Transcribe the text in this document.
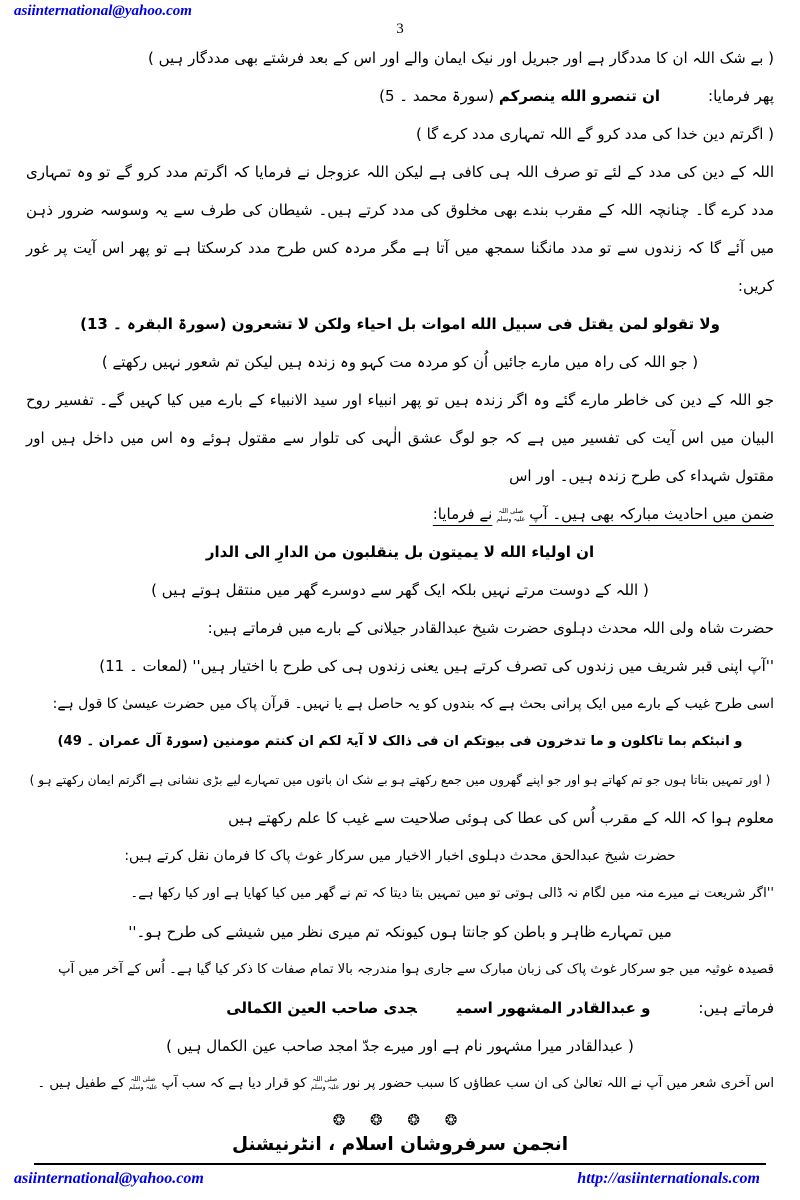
asiinternational@yahoo.com
3
( بے شک اللہ ان کا مددگار ہے اور جبریل اور نیک ایمان والے اور اس کے بعد فرشتے بھی مددگار ہیں )
پھر فرمایا:ان تنصرو الله ینصرکم (سورۃ محمد ۔ 5)
( اگرتم دین خدا کی مدد کرو گے اللہ تمہاری مدد کرے گا )
اللہ کے دین کی مدد کے لئے تو صرف اللہ ہی کافی ہے لیکن اللہ عزوجل نے فرمایا کہ اگرتم مدد کرو گے تو وہ تمہاری مدد کرے گا۔ چنانچہ اللہ کے مقرب بندے بھی مخلوق کی مدد کرتے ہیں۔ شیطان کی طرف سے یہ وسوسہ ضرور ذہن میں آئے گا کہ زندوں سے تو مدد مانگنا سمجھ میں آتا ہے مگر مردہ کس طرح مدد کرسکتا ہے تو پھر اس آیت پر غور کریں:
ولا تقولو لمن یقتل فی سبیل الله اموات بل احیاء ولکن لا تشعرون (سورۃ البقرہ ۔ 13)
( جو اللہ کی راہ میں مارے جائیں اُن کو مردہ مت کہو وہ زندہ ہیں لیکن تم شعور نہیں رکھتے )
جو اللہ کے دین کی خاطر مارے گئے وہ اگر زندہ ہیں تو پھر انبیاء اور سید الانبیاء کے بارے میں کیا کہیں گے۔ تفسیر روح البیان میں اس آیت کی تفسیر میں ہے کہ جو لوگ عشق الٰہی کی تلوار سے مقتول ہوئے وہ اس میں داخل ہیں اور مقتول شہداء کی طرح زندہ ہیں۔ اور اس
ضمن میں احادیث مبارکہ بھی ہیں۔ آپصلی اللہ
علیہ وسلمنے فرمایا:
ان اولیاء الله لا یمیتون بل ینقلبون من الدارِ الی الدار
( اللہ کے دوست مرتے نہیں بلکہ ایک گھر سے دوسرے گھر میں منتقل ہوتے ہیں )
حضرت شاہ ولی اللہ محدث دہلوی حضرت شیخ عبدالقادر جیلانی کے بارے میں فرماتے ہیں:
''آپ اپنی قبر شریف میں زندوں کی تصرف کرتے ہیں یعنی زندوں ہی کی طرح با اختیار ہیں'' (لمعات ۔ 11)
اسی طرح غیب کے بارے میں ایک پرانی بحث ہے کہ بندوں کو یہ حاصل ہے یا نہیں۔ قرآن پاک میں حضرت عیسیٰ کا قول ہے:
و انبئکم بما تاکلون و ما تدخرون فی بیوتکم ان فی ذالک لا آیۃ لکم ان کنتم مومنین (سورۃ آل عمران ۔ 49)
( اور تمہیں بتاتا ہوں جو تم کھاتے ہو اور جو اپنے گھروں میں جمع رکھتے ہو بے شک ان باتوں میں تمہارے لیے بڑی نشانی ہے اگرتم ایمان رکھتے ہو )
معلوم ہوا کہ اللہ کے مقرب اُس کی عطا کی ہوئی صلاحیت سے غیب کا علم رکھتے ہیں
حضرت شیخ عبدالحق محدث دہلوی اخبار الاخیار میں سرکار غوث پاک کا فرمان نقل کرتے ہیں:
''اگر شریعت نے میرے منہ میں لگام نہ ڈالی ہوتی تو میں تمہیں بتا دیتا کہ تم نے گھر میں کیا کھایا ہے اور کیا رکھا ہے۔
میں تمہارے ظاہر و باطن کو جانتا ہوں کیونکہ تم میری نظر میں شیشے کی طرح ہو۔''
قصیدہ غوثیہ میں جو سرکار غوث پاک کی زبان مبارک سے جاری ہوا مندرجہ بالا تمام صفات کا ذکر کیا گیا ہے۔ اُس کے آخر میں آپ
فرماتے ہیں:و عبدالقادر المشهور اسمیجدی صاحب العین الکمالی
( عبدالقادر میرا مشہور نام ہے اور میرے جدّ امجد صاحب عین الکمال ہیں )
اس آخری شعر میں آپ نے اللہ تعالیٰ کی ان سب عطاؤں کا سبب حضور پر نورصلی اللہ
علیہ وسلمکو قرار دیا ہے کہ سب آپصلی اللہ
علیہ وسلمکے طفیل ہیں ۔
❂ ❂ ❂ ❂
انجمن سرفروشان اسلام ، انٹرنیشنل
asiinternational@yahoo.com	http://asiinternationals.com
